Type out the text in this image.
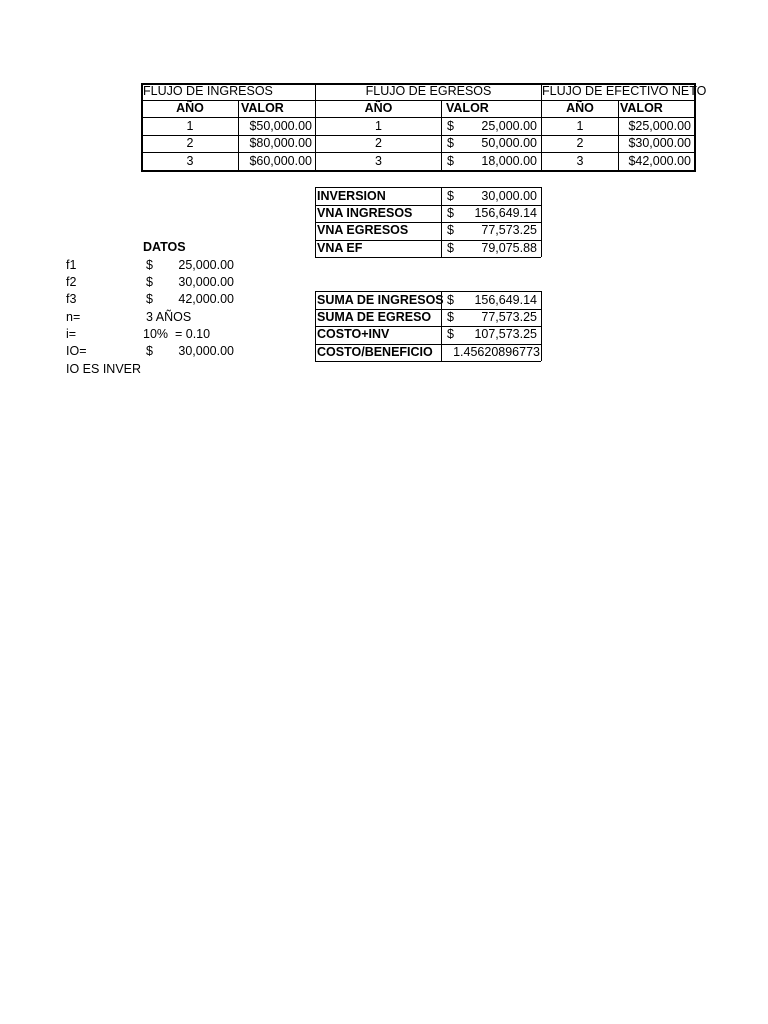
FLUJO DE INGRESOS	FLUJO DE EGRESOS	FLUJO DE EFECTIVO NETO
AÑO	VALOR	AÑO	VALOR	AÑO	VALOR
1	$50,000.00	1	$	25,000.00	1	$25,000.00
2	$80,000.00	2	$	50,000.00	2	$30,000.00
3	$60,000.00	3	$	18,000.00	3	$42,000.00
INVERSION	$	30,000.00
VNA INGRESOS	$	156,649.14
VNA EGRESOS	$	77,573.25
VNA EF	$	79,075.88
SUMA DE INGRESOS $	156,649.14
SUMA DE EGRESO $	77,573.25
COSTO+INV	$	107,573.25
COSTO/BENEFICIO	1.45620896773
DATOS
f1	$	25,000.00
f2	$	30,000.00
f3	$	42,000.00
n=	3 AÑOS
i=	10%  = 0.10
IO=	$	30,000.00
IO ES INVER
